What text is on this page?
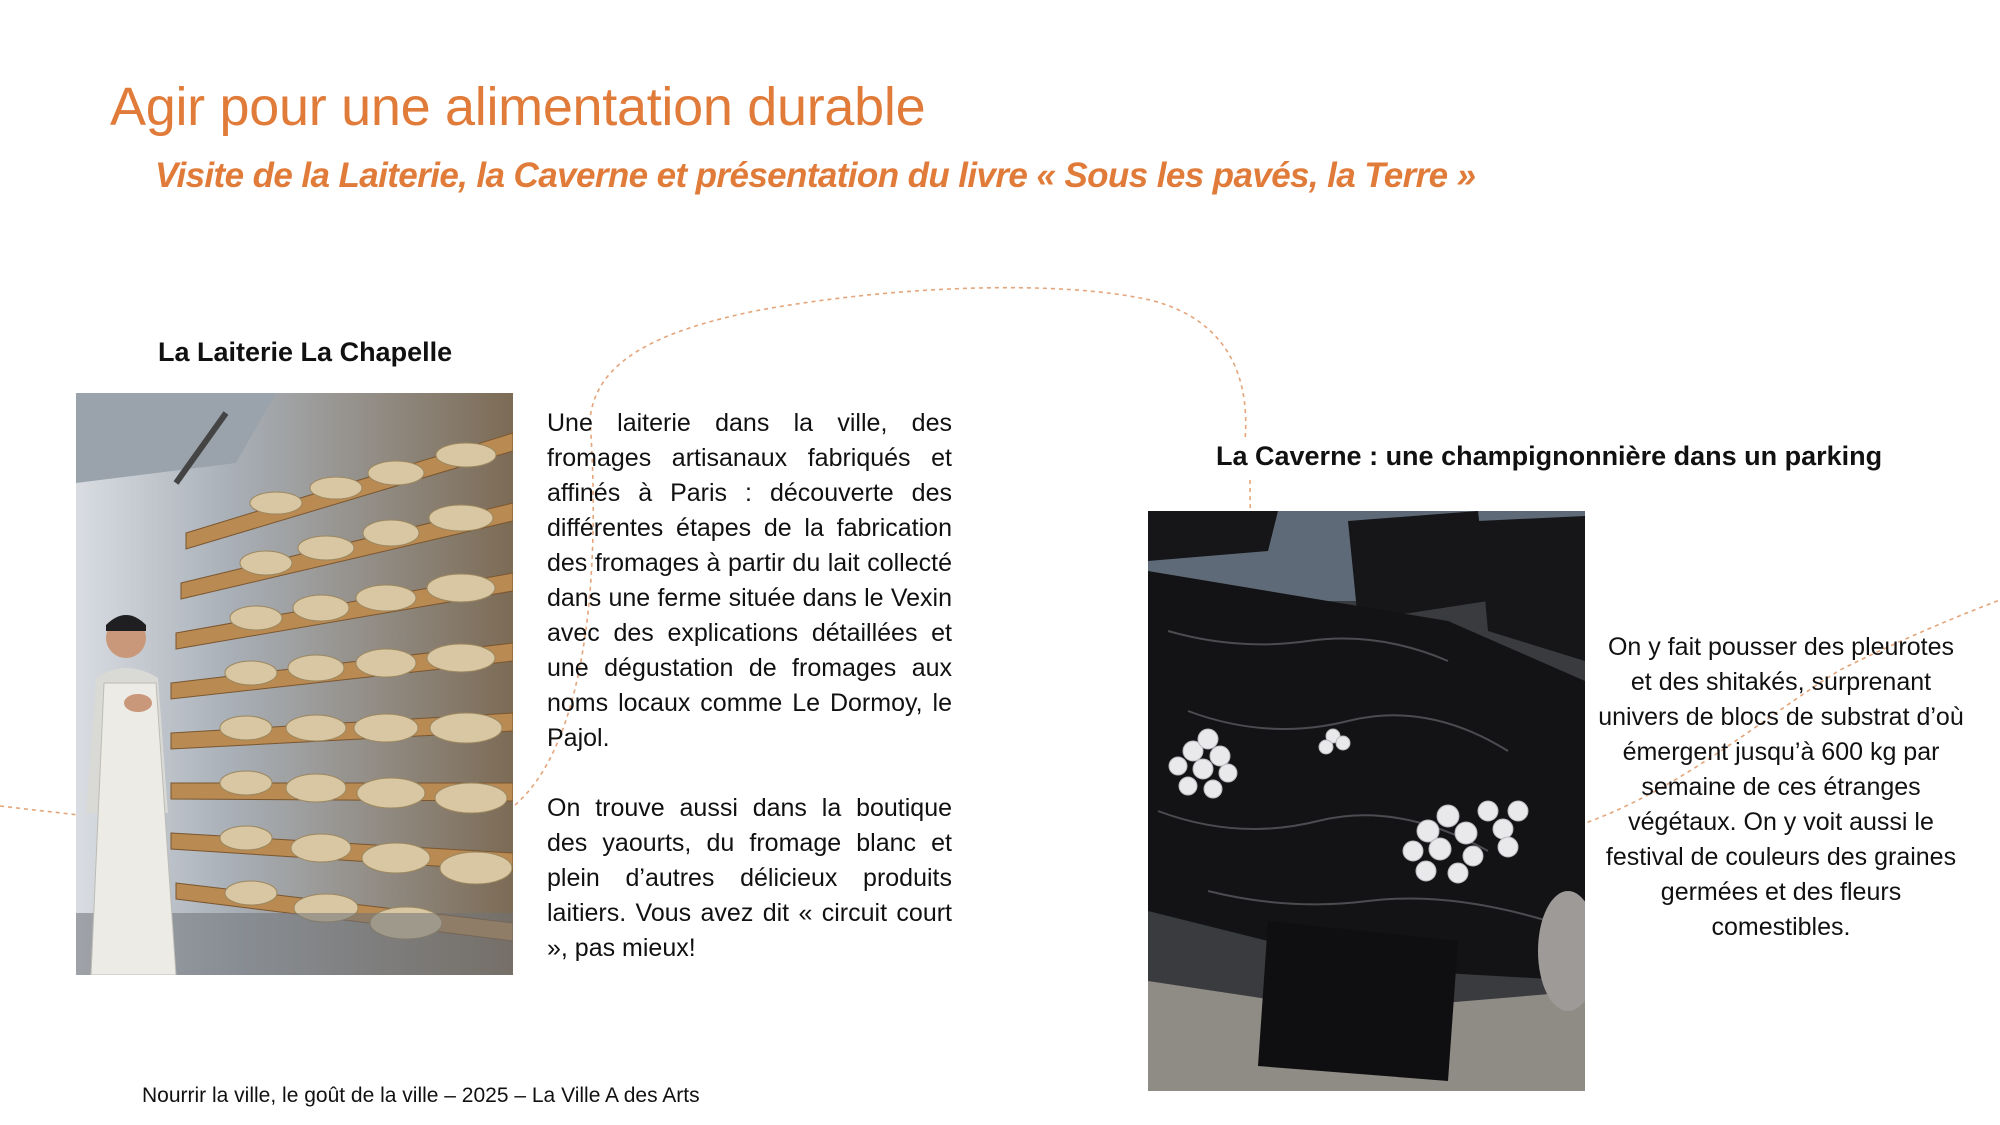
Agir pour une alimentation durable
Visite de la Laiterie, la Caverne et présentation du livre « Sous les pavés, la Terre »
La Laiterie La Chapelle

Une laiterie dans la ville, des fromages artisanaux fabriqués et affinés à Paris : découverte des différentes étapes de la fabrication des fromages à partir du lait collecté dans une ferme située dans le Vexin avec des explications détaillées et une dégustation de fromages aux noms locaux comme Le Dormoy, le Pajol.

On trouve aussi dans la boutique des yaourts, du fromage blanc et plein d’autres délicieux produits laitiers. Vous avez dit « circuit court », pas mieux!

La Caverne : une champignonnière dans un parking

On y fait pousser des pleurotes et des shitakés, surprenant univers de blocs de substrat d’où émergent jusqu’à 600 kg par semaine de ces étranges végétaux. On y voit aussi le festival de couleurs des graines germées et des fleurs comestibles.

Nourrir la ville, le goût de la ville – 2025 – La Ville A des Arts
